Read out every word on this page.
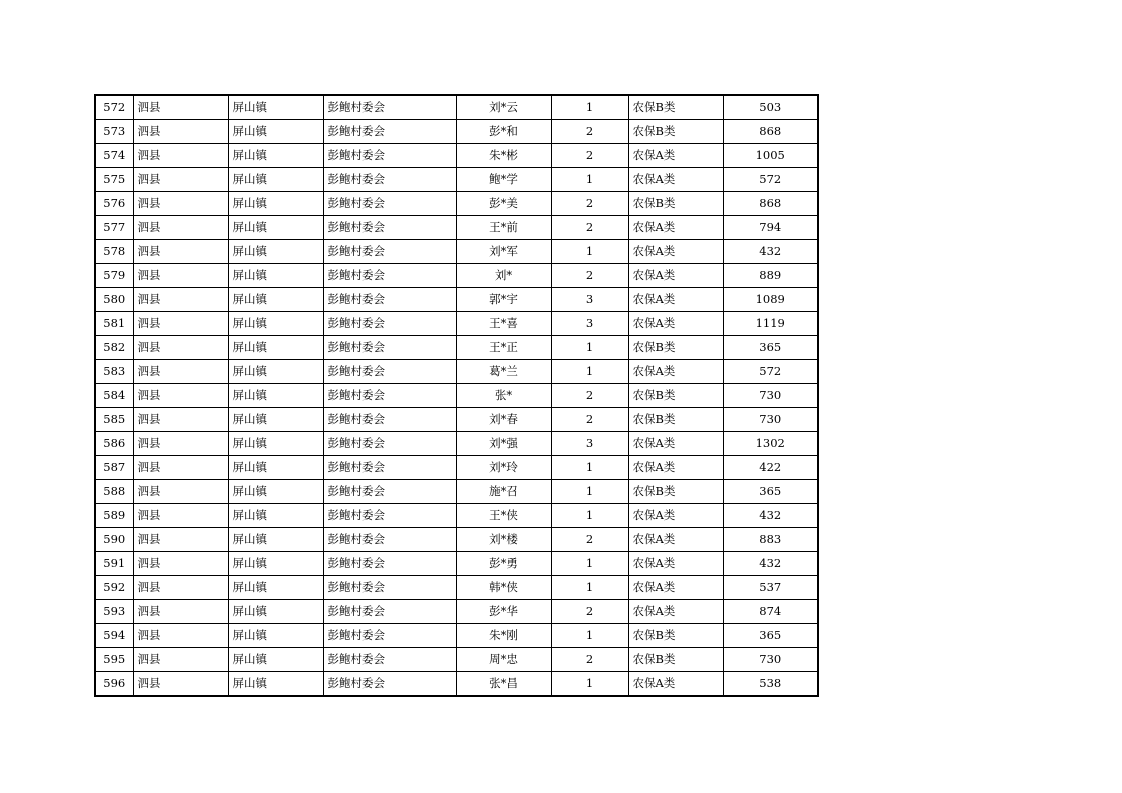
572	泗县	屏山镇	彭鲍村委会	刘*云	1	农保B类	503
573	泗县	屏山镇	彭鲍村委会	彭*和	2	农保B类	868
574	泗县	屏山镇	彭鲍村委会	朱*彬	2	农保A类	1005
575	泗县	屏山镇	彭鲍村委会	鲍*学	1	农保A类	572
576	泗县	屏山镇	彭鲍村委会	彭*美	2	农保B类	868
577	泗县	屏山镇	彭鲍村委会	王*前	2	农保A类	794
578	泗县	屏山镇	彭鲍村委会	刘*军	1	农保A类	432
579	泗县	屏山镇	彭鲍村委会	刘*	2	农保A类	889
580	泗县	屏山镇	彭鲍村委会	郭*宇	3	农保A类	1089
581	泗县	屏山镇	彭鲍村委会	王*喜	3	农保A类	1119
582	泗县	屏山镇	彭鲍村委会	王*正	1	农保B类	365
583	泗县	屏山镇	彭鲍村委会	葛*兰	1	农保A类	572
584	泗县	屏山镇	彭鲍村委会	张*	2	农保B类	730
585	泗县	屏山镇	彭鲍村委会	刘*春	2	农保B类	730
586	泗县	屏山镇	彭鲍村委会	刘*强	3	农保A类	1302
587	泗县	屏山镇	彭鲍村委会	刘*玲	1	农保A类	422
588	泗县	屏山镇	彭鲍村委会	施*召	1	农保B类	365
589	泗县	屏山镇	彭鲍村委会	王*侠	1	农保A类	432
590	泗县	屏山镇	彭鲍村委会	刘*楼	2	农保A类	883
591	泗县	屏山镇	彭鲍村委会	彭*勇	1	农保A类	432
592	泗县	屏山镇	彭鲍村委会	韩*侠	1	农保A类	537
593	泗县	屏山镇	彭鲍村委会	彭*华	2	农保A类	874
594	泗县	屏山镇	彭鲍村委会	朱*刚	1	农保B类	365
595	泗县	屏山镇	彭鲍村委会	周*忠	2	农保B类	730
596	泗县	屏山镇	彭鲍村委会	张*昌	1	农保A类	538
